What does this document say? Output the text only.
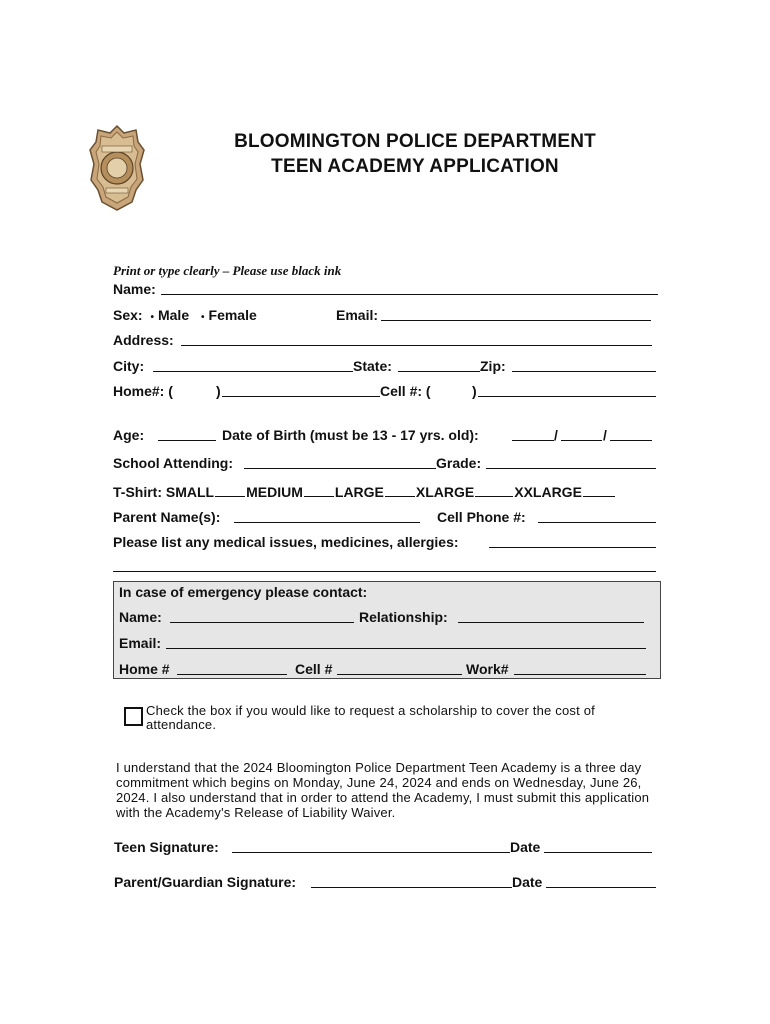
BLOOMINGTON POLICE DEPARTMENT
TEEN ACADEMY APPLICATION
Print or type clearly – Please use black ink
Name:
Sex: • Male • Female	Email:
Address:
City:	State:	Zip:
Home#: (	)	Cell #: (	)
Age:	Date of Birth (must be 13 - 17 yrs. old):	/	/
School Attending:	Grade:
T-Shirt: SMALL MEDIUM LARGE XLARGE	XXLARGE
Parent Name(s):	Cell Phone #:
Please list any medical issues, medicines, allergies:
In case of emergency please contact:
Name:	Relationship:
Email:
Home #	Cell #	Work#
Check the box if you would like to request a scholarship to cover the cost of attendance.
I understand that the 2024 Bloomington Police Department Teen Academy is a three day commitment which begins on Monday, June 24, 2024 and ends on Wednesday, June 26, 2024. I also understand that in order to attend the Academy, I must submit this application with the Academy's Release of Liability Waiver.
Teen Signature:	Date
Parent/Guardian Signature:	Date
